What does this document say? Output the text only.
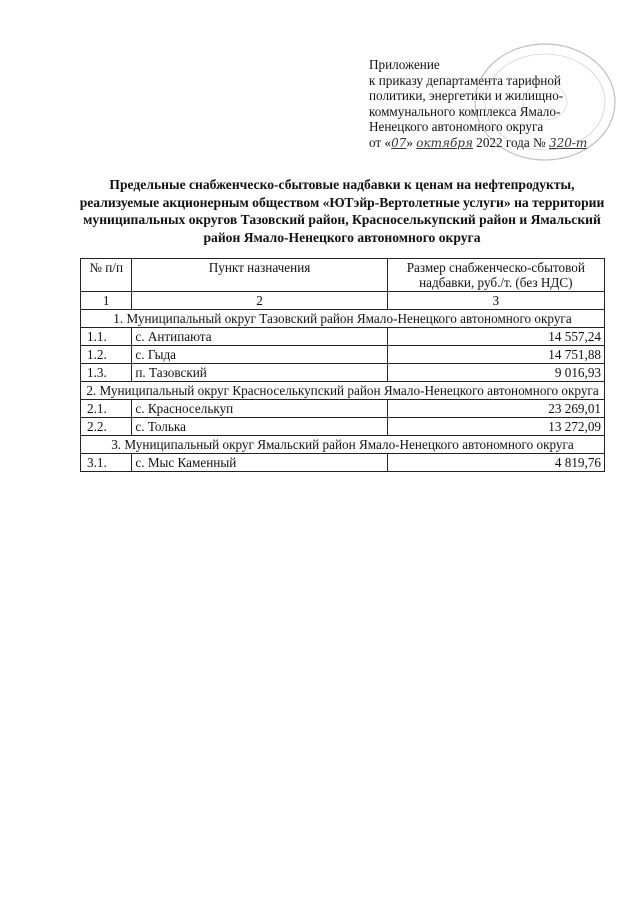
Приложение
к приказу департамента тарифной
политики, энергетики и жилищно-
коммунального комплекса Ямало-
Ненецкого автономного округа
от «07» октября 2022 года № 320-т
Предельные снабженческо-сбытовые надбавки к ценам на нефтепродукты, реализуемые акционерным обществом «ЮТэйр-Вертолетные услуги» на территории муниципальных округов Тазовский район, Красноселькупский район и Ямальский район Ямало-Ненецкого автономного округа
№ п/п	Пункт назначения	Размер снабженческо-сбытовой надбавки, руб./т. (без НДС)
1	2	3
1. Муниципальный округ Тазовский район Ямало-Ненецкого автономного округа		
1.1.	с. Антипаюта	14 557,24
1.2.	с. Гыда	14 751,88
1.3.	п. Тазовский	9 016,93
2. Муниципальный округ Красноселькупский район Ямало-Ненецкого автономного округа		
2.1.	с. Красноселькуп	23 269,01
2.2.	с. Толька	13 272,09
3. Муниципальный округ Ямальский район Ямало-Ненецкого автономного округа		
3.1.	с. Мыс Каменный	4 819,76
